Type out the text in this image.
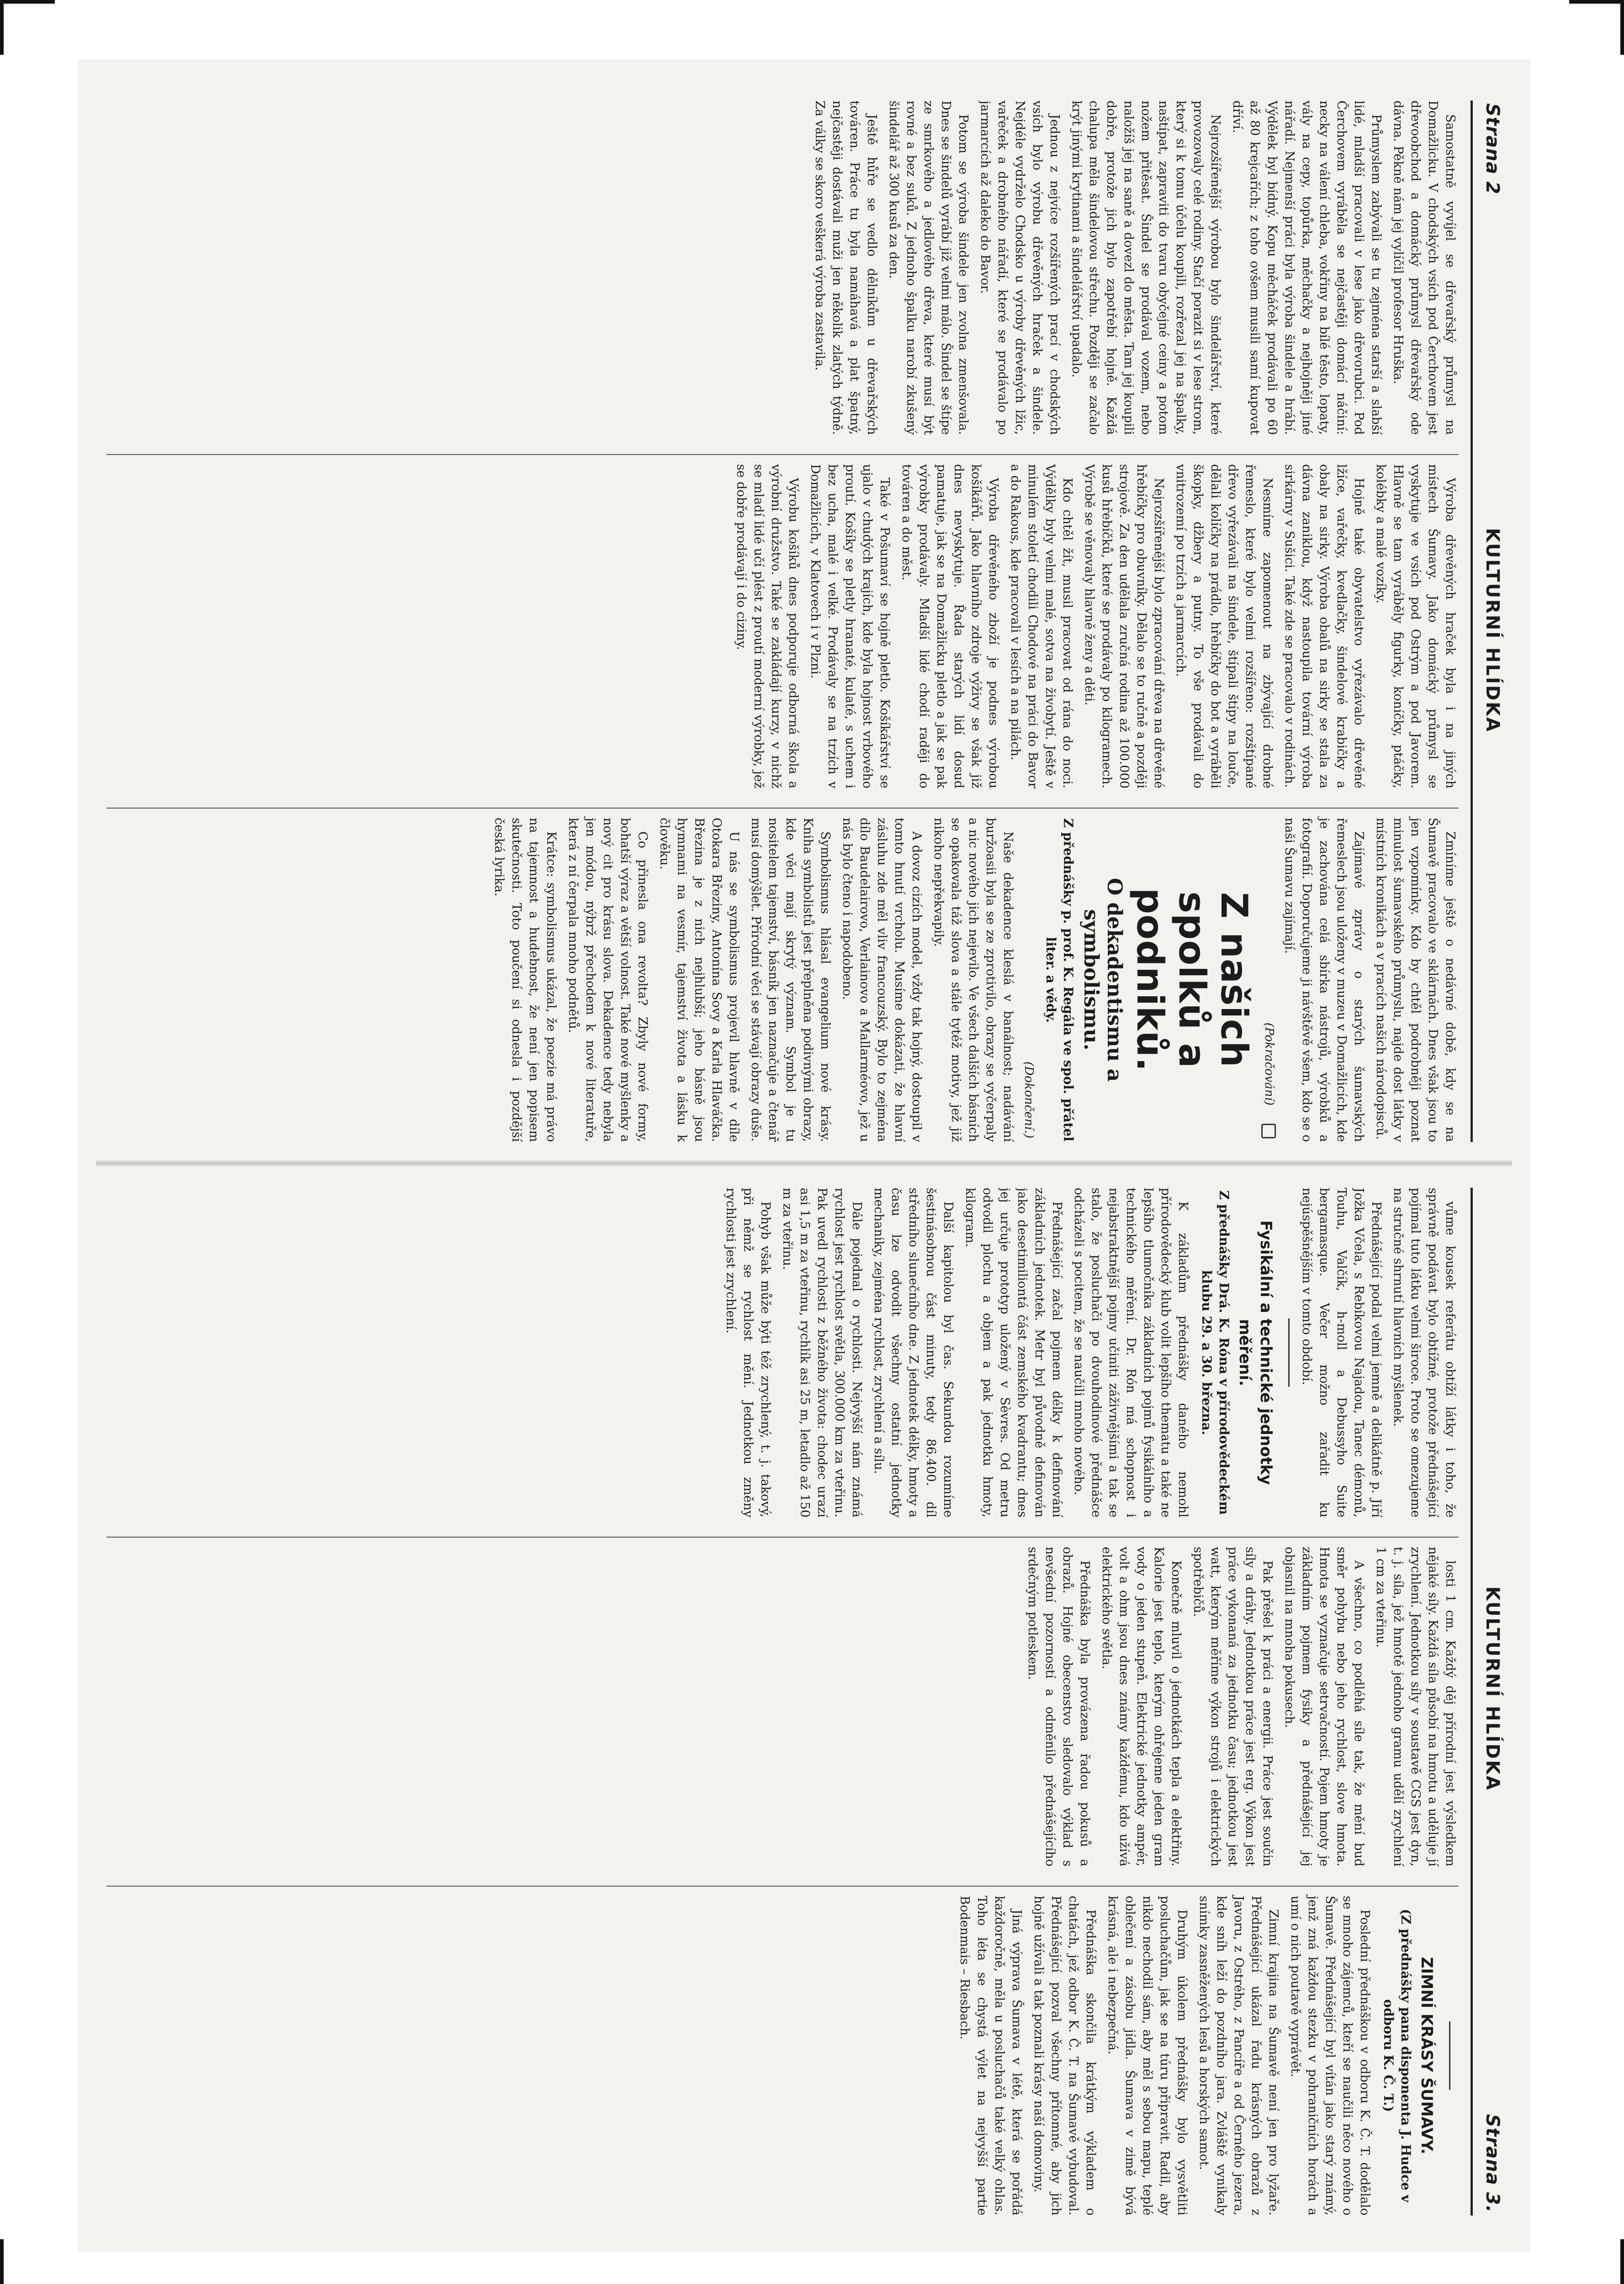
Strana 2
KULTURNÍ HLÍDKA

Samostatně vyvíjel se dřevařský průmysl na Domažlicku. V chodských vsích pod Čerchovem jest dřevoobchod a domácký průmysl dřevařský ode dávna. Pěkně nám jej vylíčil profesor Hruška.

Průmyslem zabývali se tu zejména starší a slabší lidé, mladší pracovali v lese jako dřevorubci. Pod Čerchovem vyráběla se nejčastěji domácí náčiní: necky na válení chleba, vokřiny na bílé těsto, lopaty, vály na cepy, topůrka, měchačky a nejhojněji jiné nářadí. Nejmenší práci byla výroba šindele a hrábí. Výdělek byl bídný. Kopu měcháček prodávali po 60 až 80 krejcařích; z toho ovšem musili samí kupovat dříví.

Nejrozšířenější výrobou bylo šindelářství, které provozovaly celé rodiny. Stačí porazit si v lese strom, který si k tomu účelu koupili, rozřezal jej na špalky, naštípat, zapraviti do tvaru obyčejné ceiny a potom nožem přitěsat. Šindel se prodával vozem, nebo naložíš jej na saně a dovezl do města. Tam jej koupili dobře, protože jich bylo zapotřebí hojně. Každá chalupa měla šindelovou střechu. Později se začalo krýt jinými krytinami a šindelářství upadalo.

Jednou z nejvíce rozšířených prací v chodských vsích bylo výrobu dřevěných hraček a šindele. Nejdéle vydrželo Chodsko u výroby dřevěných lžic, vařeček a drobného nářadí, které se prodávalo po jarmarcích až daleko do Bavor.

Potom se výroba šindele jen zvolna zmenšovala. Dnes se šindelů vyrábí již velmi málo. Šindel se štípe ze smrkového a jedlového dřeva, které musí být rovné a bez suků. Z jednoho špalku narobí zkušený šindelář až 300 kusů za den.

Ještě hůře se vedlo dělníkům u dřevařských továren. Práce tu byla namáhavá a plat špatný, nejčastěji dostávali muži jen několik zlatých týdně. Za války se skoro veškerá výroba zastavila.

Výroba dřevěných hraček byla i na jiných místech Šumavy. Jako domácký průmysl se vyskytuje ve vsích pod Ostrým a pod Javorem. Hlavně se tam vyráběly figurky, koníčky, ptáčky, kolébky a malé vozíky.

Hojně také obyvatelstvo vyřezávalo dřevěné lžíce, vařečky, kvedlačky, šindelové krabičky a obaly na sirky. Výroba obalů na sirky se stala za dávna zaniklou, když nastoupila tovární výroba sirkárny v Sušici. Také zde se pracovalo v rodinách.

Nesmíme zapomenout na zbývající drobné řemeslo, které bylo velmi rozšířeno: rozštípané dřevo vyřezávali na šindele, štípali štípy na louče, dělali kolíčky na prádlo, hřebíčky do bot a vyráběli škopky, džbery a putny. To vše prodávali do vnitrozemí po trzích a jarmarcích.

Nejrozšířenější bylo zpracování dřeva na dřevěné hřebíčky pro obuvníky. Dělalo se to ručně a později strojově. Za den udělala zručná rodina až 100.000 kusů hřebíčků, které se prodávaly po kilogramech. Výrobě se věnovaly hlavně ženy a děti.

Kdo chtěl žít, musil pracovat od rána do noci. Výdělky byly velmi malé, sotva na živobytí. Ještě v minulém století chodili Chodové na práci do Bavor a do Rakous, kde pracovali v lesích a na pilách.

Výroba dřevěného zboží je podnes výrobou košíkářů. Jako hlavního zdroje výživy se však již dnes nevyskytuje. Řada starých lidí dosud pamatuje, jak se na Domažlicku pletlo a jak se pak výrobky prodávaly. Mladší lidé chodí raději do továren a do měst.

Také v Pošumaví se hojně pletlo. Košíkářství se ujalo v chudých krajích, kde byla hojnost vrbového proutí. Košíky se pletly hranaté, kulaté, s uchem i bez ucha, malé i velké. Prodávaly se na trzích v Domažlicích, v Klatovech i v Plzni.

Výrobu košíků dnes podporuje odborná škola a výrobní družstvo. Také se zakládají kurzy, v nichž se mladí lidé učí plést z proutí moderní výrobky, jež se dobře prodávají i do ciziny.

Zmíníme ještě o nedávné době, kdy se na Šumavě pracovalo ve sklárnách. Dnes však jsou to jen vzpomínky. Kdo by chtěl podrobněji poznat minulost šumavského průmyslu, najde dost látky v místních kronikách a v pracích našich národopisců.

Zajímavé zprávy o starých šumavských řemeslech jsou uloženy v muzeu v Domažlicích, kde je zachována celá sbírka nástrojů, výrobků a fotografií. Doporučujeme ji návštěvě všem, kdo se o naši Šumavu zajímají.

(Pokračování)
Z našich spolků a podniků.
O dekadentismu a symbolismu.
Z přednášky p. prof. K. Regála ve spol. přátel liter. a vědy.
(Dokončení.)

Naše dekadence kleslá v banálnost; nadávání buržoasii byla se ze zprotivilo, obrazy se vyčerpaly a nic nového jich nejevilo. Ve všech dalších básních se opakovala táž slova a stále tytéž motivy, jež již nikoho nepřekvapily.

A dovoz cizích model, vždy tak hojný, dostoupil v tomto hnutí vrcholu. Musíme dokázati, že hlavní zásluhu zde měl vliv francouzský. Bylo to zejména dílo Baudelairovo, Verlainovo a Mallarméovo, jež u nás bylo čteno i napodobeno.

Symbolismus hlásal evangelium nové krásy. Kniha symbolistů jest přeplněna podivnými obrazy, kde věci mají skrytý význam. Symbol je tu nositelem tajemství, básník jen naznačuje a čtenář musí domýšlet. Přírodní věci se stávají obrazy duše.

U nás se symbolismus projevil hlavně v díle Otokara Březiny, Antonína Sovy a Karla Hlaváčka. Březina je z nich nejhlubší; jeho básně jsou hymnami na vesmír, tajemství života a lásku k člověku.

Co přinesla ona revolta? Zbyly nové formy, bohatší výraz a větší volnost. Také nové myšlenky a nový cit pro krásu slova. Dekadence tedy nebyla jen módou, nýbrž přechodem k nové literatuře, která z ní čerpala mnoho podnětů.

Krátce: symbolismus ukázal, že poezie má právo na tajemnost a hudebnost, že není jen popisem skutečnosti. Toto poučení si odnesla i pozdější česká lyrika.

KULTURNÍ HLÍDKA
Strana 3.

vůme kousek referátu obtíží látky i toho, že správně podávat bylo obtížné, protože přednášející pojímal tuto látku velmi široce. Proto se omezujeme na stručné shrnutí hlavních myšlenek.

Přednášející podal velmi jemně a delikátně p. Jiří Jožka Včela, s Rebíkovou Najadou, Tanec démonů, Touhu, Valčík, h-moll a Debussyho Suite bergamasque. Večer možno zařadit ku nejúspěšnějším v tomto období.

Fysikální a technické jednotky měření.
Z přednášky Drá. K. Róna v přírodovědeckém klubu 29. a 30. března.

K základům přednášky daného nemohl přírodovědecký klub volit lepšího thematu a také ne lepšího tlumočníka základních pojmů fysikálního a technického měření. Dr. Rón má schopnost i nejabstraktnější pojmy učiniti záživnějšími a tak se stalo, že posluchači po dvouhodinové přednášce odcházeli s pocitem, že se naučili mnoho nového.

Přednášející začal pojmem délky k definování základních jednotek. Metr byl původně definován jako desetimiliontá část zemského kvadrantu; dnes jej určuje prototyp uložený v Sèvres. Od metru odvodil plochu a objem a pak jednotku hmoty, kilogram.

Další kapitolou byl čas. Sekundou rozumíme šestinásobnou část minuty, tedy 86.400. díl středního slunečního dne. Z jednotek délky, hmoty a času lze odvodit všechny ostatní jednotky mechaniky, zejména rychlost, zrychlení a sílu.

Dále pojednal o rychlosti. Nejvyšší nám známá rychlost jest rychlost světla, 300.000 km za vteřinu. Pak uvedl rychlosti z běžného života: chodec urazí asi 1,5 m za vteřinu, rychlík asi 25 m, letadlo až 150 m za vteřinu.

Pohyb však může býti též zrychlený, t. j. takový, při němž se rychlost mění. Jednotkou změny rychlosti jest zrychlení.

losti 1 cm. Každý děj přírodní jest výsledkem nějaké síly. Každá síla působí na hmotu a uděluje jí zrychlení. Jednotkou síly v soustavě CGS jest dyn, t. j. síla, jež hmotě jednoho gramu udělí zrychlení 1 cm za vteřinu.

A všechno, co podléhá síle tak, že mění buď směr pohybu nebo jeho rychlost, slove hmota. Hmota se vyznačuje setrvačností. Pojem hmoty je základním pojmem fysiky a přednášející jej objasnil na mnoha pokusech.

Pak přešel k práci a energii. Práce jest součin síly a dráhy. Jednotkou práce jest erg. Výkon jest práce vykonaná za jednotku času; jednotkou jest watt, kterým měříme výkon strojů i elektrických spotřebičů.

Konečně mluvil o jednotkách tepla a elektřiny. Kalorie jest teplo, kterým ohřejeme jeden gram vody o jeden stupeň. Elektrické jednotky ampér, volt a ohm jsou dnes známy každému, kdo užívá elektrického světla.

Přednáška byla provázena řadou pokusů a obrazů. Hojné obecenstvo sledovalo výklad s nevšední pozorností a odměnilo přednášejícího srdečným potleskem.

ZIMNÍ KRÁSY ŠUMAVY.
(Z přednášky pana disponenta J. Hudce v odboru K. Č. T.)

Poslední přednáškou v odboru K. Č. T. dodělalo se mnoho zájemců, kteří se naučili něco nového o Šumavě. Přednášející byl vítán jako starý známý, jenž zná každou stezku v pohraničních horách a umí o nich poutavě vyprávět.

Zimní krajina na Šumavě není jen pro lyžaře. Přednášející ukázal řadu krásných obrazů z Javoru, z Ostrého, z Pancíře a od Černého jezera, kde sníh leží do pozdního jara. Zvláště vynikaly snímky zasněžených lesů a horských samot.

Druhým úkolem přednášky bylo vysvětliti posluchačům, jak se na túru připravit. Radil, aby nikdo nechodil sám, aby měl s sebou mapu, teplé oblečení a zásobu jídla. Šumava v zimě bývá krásná, ale i nebezpečná.

Přednáška skončila krátkým výkladem o chatách, jež odbor K. Č. T. na Šumavě vybudoval. Přednášející pozval všechny přítomné, aby jich hojně užívali a tak poznali krásy naší domoviny.

Jiná výprava Šumava v létě, která se pořádá každoročně, měla u posluchačů také velký ohlas. Toho léta se chystá výlet na nejvyšší partie Bodenmais – Riesbach.
